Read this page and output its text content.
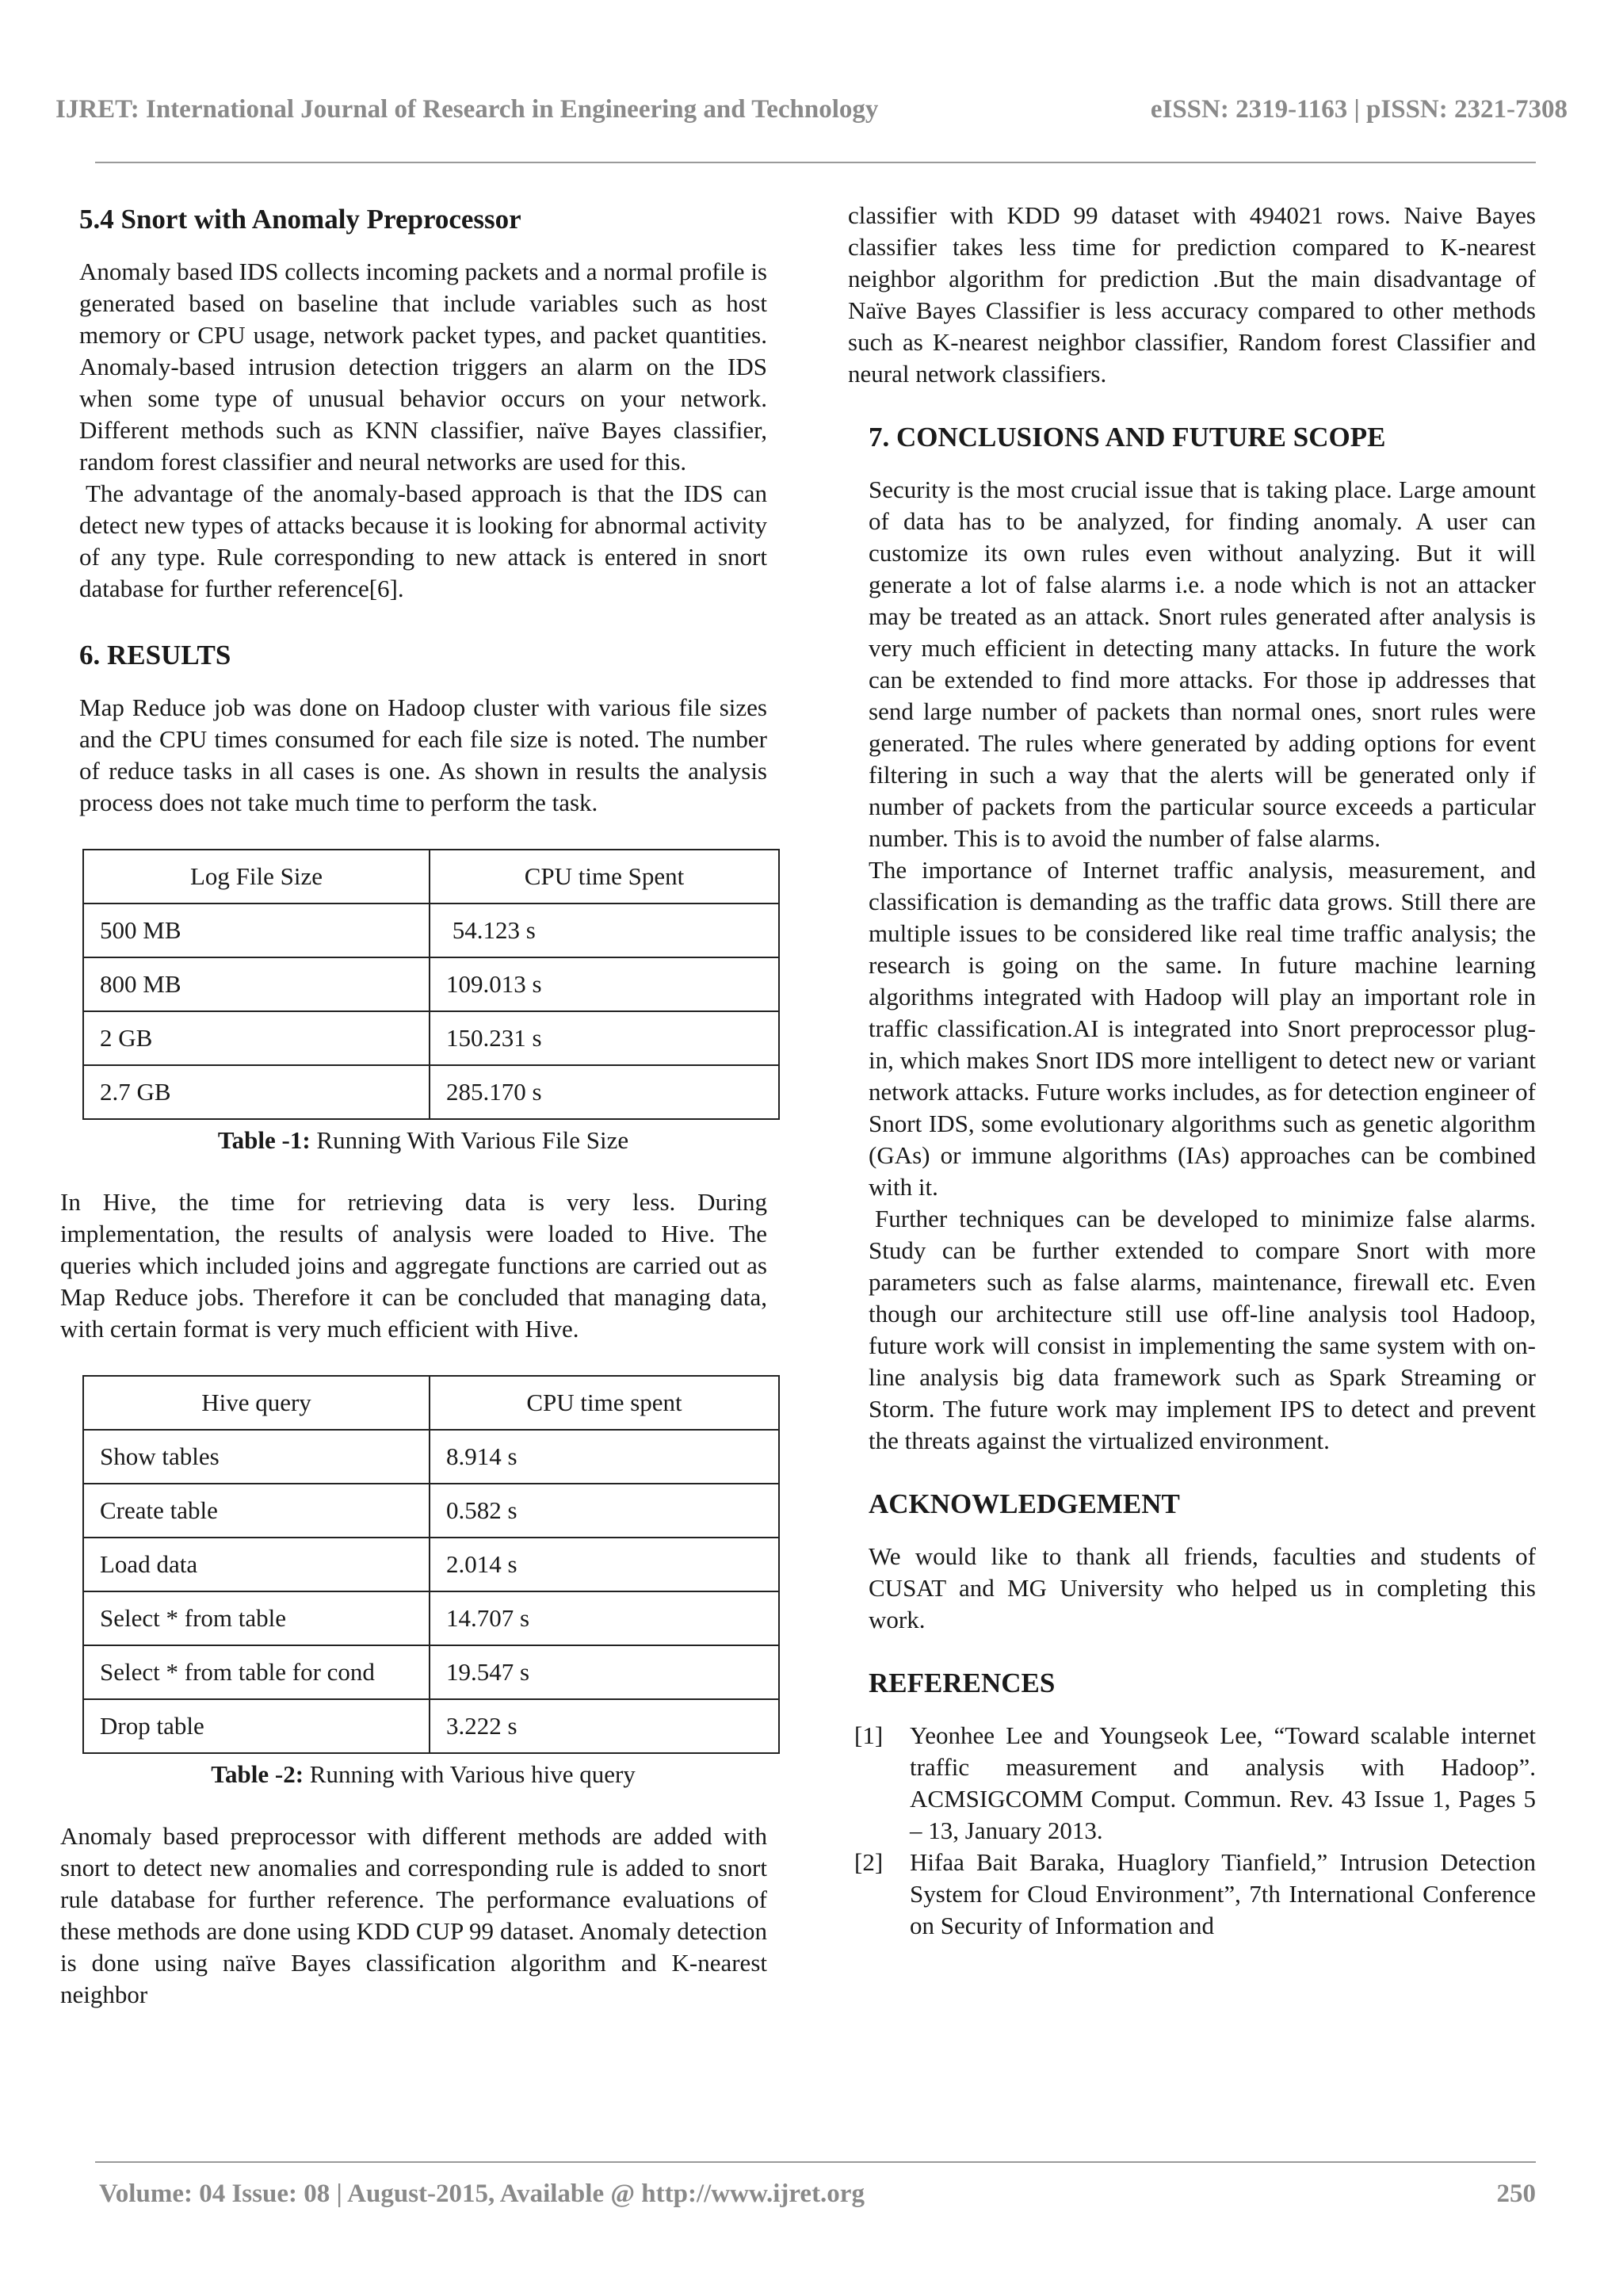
IJRET: International Journal of Research in Engineering and Technology	eISSN: 2319-1163 | pISSN: 2321-7308
5.4 Snort with Anomaly Preprocessor

Anomaly based IDS collects incoming packets and a normal profile is generated based on baseline that include variables such as host memory or CPU usage, network packet types, and packet quantities. Anomaly-based intrusion detection triggers an alarm on the IDS when some type of unusual behavior occurs on your network. Different methods such as KNN classifier, naïve Bayes classifier, random forest classifier and neural networks are used for this.

The advantage of the anomaly-based approach is that the IDS can detect new types of attacks because it is looking for abnormal activity of any type. Rule corresponding to new attack is entered in snort database for further reference[6].

6. RESULTS

Map Reduce job was done on Hadoop cluster with various file sizes and the CPU times consumed for each file size is noted. The number of reduce tasks in all cases is one. As shown in results the analysis process does not take much time to perform the task.

Log File Size	CPU time Spent
500 MB	54.123 s
800 MB	109.013 s
2 GB	150.231 s
2.7 GB	285.170 s
Table -1: Running With Various File Size

In Hive, the time for retrieving data is very less. During implementation, the results of analysis were loaded to Hive. The queries which included joins and aggregate functions are carried out as Map Reduce jobs. Therefore it can be concluded that managing data, with certain format is very much efficient with Hive.

Hive query	CPU time spent
Show tables	8.914 s
Create table	0.582 s
Load data	2.014 s
Select * from table	14.707 s
Select * from table for cond	19.547 s
Drop table	3.222 s
Table -2: Running with Various hive query

Anomaly based preprocessor with different methods are added with snort to detect new anomalies and corresponding rule is added to snort rule database for further reference. The performance evaluations of these methods are done using KDD CUP 99 dataset. Anomaly detection is done using naïve Bayes classification algorithm and K-nearest neighbor

classifier with KDD 99 dataset with 494021 rows. Naive Bayes classifier takes less time for prediction compared to K-nearest neighbor algorithm for prediction .But the main disadvantage of Naïve Bayes Classifier is less accuracy compared to other methods such as K-nearest neighbor classifier, Random forest Classifier and neural network classifiers.

7. CONCLUSIONS AND FUTURE SCOPE

Security is the most crucial issue that is taking place. Large amount of data has to be analyzed, for finding anomaly. A user can customize its own rules even without analyzing. But it will generate a lot of false alarms i.e. a node which is not an attacker may be treated as an attack. Snort rules generated after analysis is very much efficient in detecting many attacks. In future the work can be extended to find more attacks. For those ip addresses that send large number of packets than normal ones, snort rules were generated. The rules where generated by adding options for event filtering in such a way that the alerts will be generated only if number of packets from the particular source exceeds a particular number. This is to avoid the number of false alarms.

The importance of Internet traffic analysis, measurement, and classification is demanding as the traffic data grows. Still there are multiple issues to be considered like real time traffic analysis; the research is going on the same. In future machine learning algorithms integrated with Hadoop will play an important role in traffic classification.AI is integrated into Snort preprocessor plug-in, which makes Snort IDS more intelligent to detect new or variant network attacks. Future works includes, as for detection engineer of Snort IDS, some evolutionary algorithms such as genetic algorithm (GAs) or immune algorithms (IAs) approaches can be combined with it.

Further techniques can be developed to minimize false alarms. Study can be further extended to compare Snort with more parameters such as false alarms, maintenance, firewall etc. Even though our architecture still use off-line analysis tool Hadoop, future work will consist in implementing the same system with on-line analysis big data framework such as Spark Streaming or Storm. The future work may implement IPS to detect and prevent the threats against the virtualized environment.

ACKNOWLEDGEMENT

We would like to thank all friends, faculties and students of CUSAT and MG University who helped us in completing this work.

REFERENCES
[1] Yeonhee Lee and Youngseok Lee, “Toward scalable internet traffic measurement and analysis with Hadoop”. ACMSIGCOMM Comput. Commun. Rev. 43 Issue 1, Pages 5 – 13, January 2013.
[2] Hifaa Bait Baraka, Huaglory Tianfield,” Intrusion Detection System for Cloud Environment”, 7th International Conference on Security of Information and
Volume: 04 Issue: 08 | August-2015, Available @ http://www.ijret.org	250
